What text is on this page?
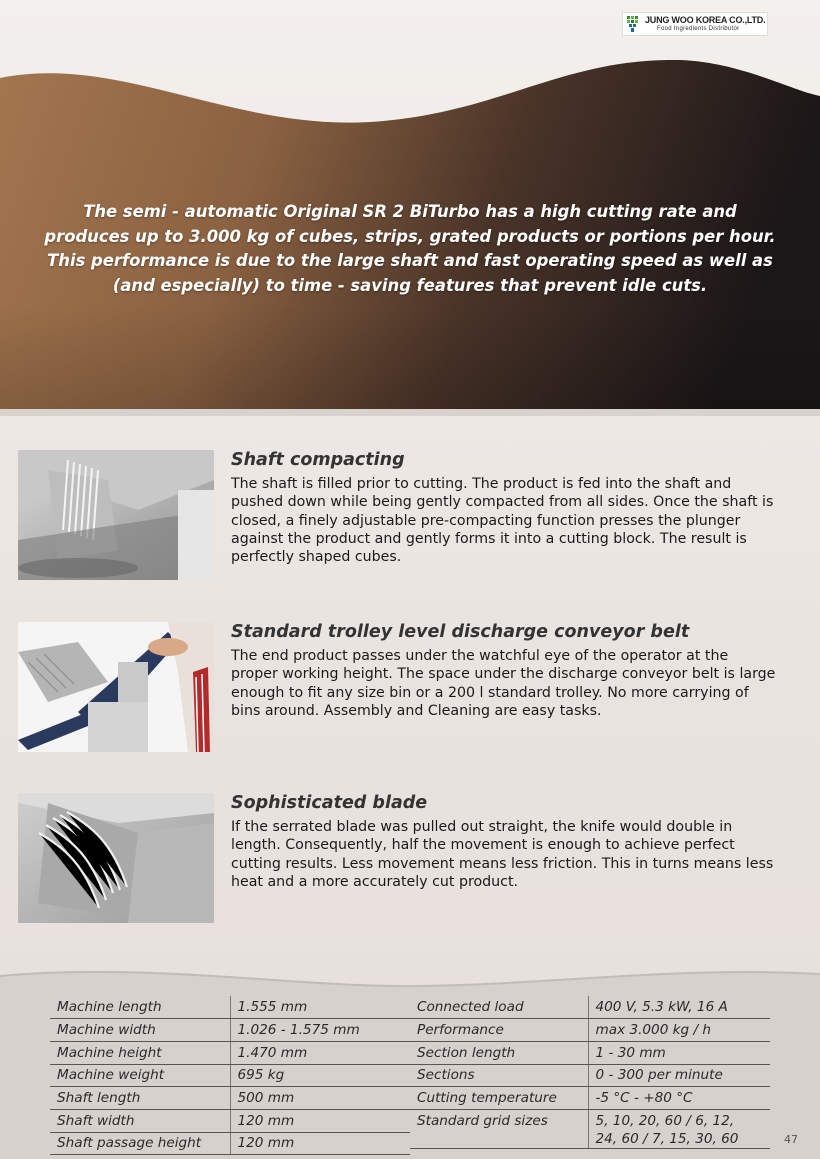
JUNG WOO KOREA CO.,LTD.
Food Ingredients Distributor
The semi - automatic Original SR 2 BiTurbo has a high cutting rate and
produces up to 3.000 kg of cubes, strips, grated products or portions per hour.
This performance is due to the large shaft and fast operating speed as well as
(and especially) to time - saving features that prevent idle cuts.
Shaft compacting

The shaft is filled prior to cutting. The product is fed into the shaft and pushed down while being gently compacted from all sides. Once the shaft is closed, a finely adjustable pre-compacting function presses the plunger against the product and gently forms it into a cutting block. The result is perfectly shaped cubes.

Standard trolley level discharge conveyor belt

The end product passes under the watchful eye of the operator at the proper working height. The space under the discharge conveyor belt is large enough to fit any size bin or a 200 l standard trolley. No more carrying of bins around. Assembly and Cleaning are easy tasks.

Sophisticated blade

If the serrated blade was pulled out straight, the knife would double in length. Consequently, half the movement is enough to achieve perfect cutting results. Less movement means less friction. This in turns means less heat and a more accurately cut product.

Machine length	1.555 mm
Machine width	1.026 - 1.575 mm
Machine height	1.470 mm
Machine weight	695 kg
Shaft length	500 mm
Shaft width	120 mm
Shaft passage height	120 mm
Connected load	400 V, 5.3 kW, 16 A
Performance	max 3.000 kg / h
Section length	1 - 30 mm
Sections	0 - 300 per minute
Cutting temperature	-5 °C - +80 °C
Standard grid sizes	5, 10, 20, 60 / 6, 12,
24, 60 / 7, 15, 30, 60	47
